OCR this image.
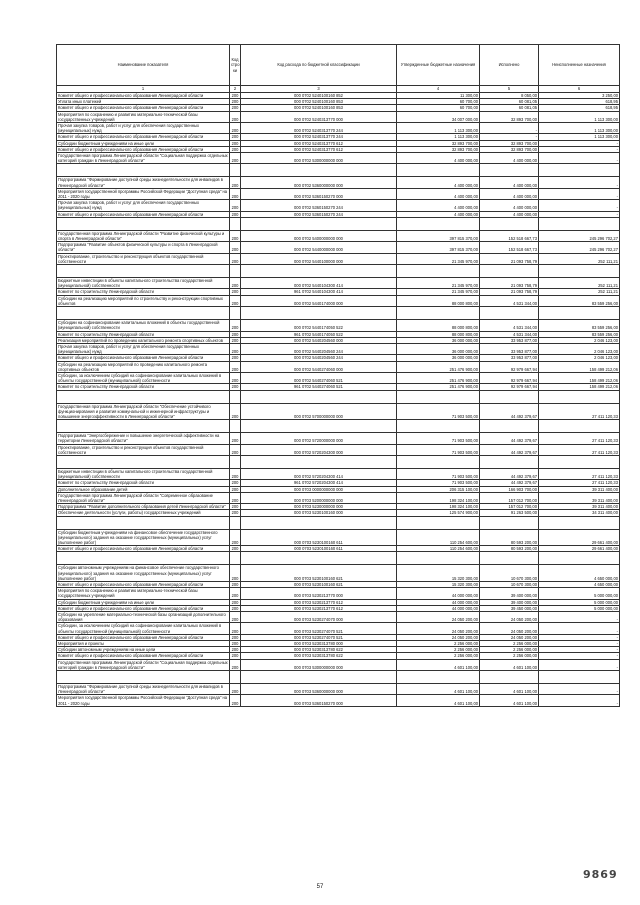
Наименование показателя	Код стро ки	Код расхода по бюджетной классификации	Утвержденные бюджетные назначения	Исполнено	Неисполненные назначения
1	2	3	4	5	6
Комитет общего и профессионального образования Ленинградской области	200	000 0702 5240100160 852	11 300,00	8 050,00	3 250,00
Уплата иных платежей	200	000 0702 5240100160 853	60 700,00	60 081,05	618,95
Комитет общего и профессионального образования Ленинградской области	200	000 0702 5240100160 853	60 700,00	60 081,05	618,95
Мероприятия по сохранению и развитию материально-технической базы государственных учреждений	200	000 0702 5240313770 000	34 007 000,00	32 893 700,00	1 113 300,00
Прочая закупка товаров, работ и услуг для обеспечения государственных (муниципальных) нужд	200	000 0702 5240313770 244	1 113 300,00	-	1 113 300,00
Комитет общего и профессионального образования Ленинградской области	200	000 0702 5240313770 244	1 113 300,00	-	1 113 300,00
Субсидии бюджетным учреждениям на иные цели	200	000 0702 5240313770 612	32 893 700,00	32 893 700,00	-
Комитет общего и профессионального образования Ленинградской области	200	000 0702 5240313770 612	32 893 700,00	32 893 700,00	-
Государственная программа Ленинградской области "Социальная поддержка отдельных категорий граждан в Ленинградской области"	200	000 0702 5300000000 000	4 400 000,00	4 400 000,00	-

Подпрограмма "Формирование доступной среды жизнедеятельности для инвалидов в Ленинградской области"	200	000 0702 5360000000 000	4 400 000,00	4 400 000,00	-
Мероприятия государственной программы Российской Федерации "Доступная среда" на 2011 - 2020 годы	200	000 0702 5360150270 000	4 400 000,00	4 400 000,00	-
Прочая закупка товаров, работ и услуг для обеспечения государственных (муниципальных) нужд	200	000 0702 5360150270 244	4 400 000,00	4 400 000,00	-
Комитет общего и профессионального образования Ленинградской области	200	000 0702 5360150270 244	4 400 000,00	4 400 000,00	-

Государственная программа Ленинградской области "Развитие физической культуры и спорта в Ленинградской области"	200	000 0702 5400000000 000	397 815 370,00	152 518 667,73	245 296 702,27
Подпрограмма "Развитие объектов физической культуры и спорта в Ленинградской области"	200	000 0702 5440000000 000	397 815 370,00	152 518 667,73	245 296 702,27
Проектирование, строительство и реконструкция объектов государственной собственности	200	000 0702 5440100000 000	21 345 970,00	21 093 758,79	252 111,21

Бюджетные инвестиции в объекты капитального строительства государственной (муниципальной) собственности	200	000 0702 5440104300 414	21 345 970,00	21 093 758,79	252 111,21
Комитет по строительству Ленинградской области	200	961 0702 5440104300 414	21 345 970,00	21 093 758,79	252 111,21
Субсидии на реализацию мероприятий по строительству и реконструкции спортивных объектов	200	000 0702 5440174000 000	88 000 800,00	4 531 344,00	83 559 256,00

Субсидии на софинансирование капитальных вложений в объекты государственной (муниципальной) собственности	200	000 0702 5440174050 522	88 000 800,00	4 531 344,00	83 559 256,00
Комитет по строительству Ленинградской области	200	961 0702 5440174050 522	88 000 800,00	4 531 344,00	83 559 256,00
Реализация мероприятий по проведению капитального ремонта спортивных объектов	200	000 0702 5440204560 000	36 000 000,00	33 953 877,00	2 046 123,00
Прочая закупка товаров, работ и услуг для обеспечения государственных (муниципальных) нужд	200	000 0702 5440204560 244	36 000 000,00	33 953 877,00	2 046 123,00
Комитет общего и профессионального образования Ленинградской области	200	000 0702 5440204560 244	36 000 000,00	33 953 877,00	2 046 123,00
Субсидии на реализацию мероприятий по проведению капитального ремонта спортивных объектов	200	000 0702 5440274060 000	251 476 900,00	92 979 667,94	158 499 212,06
Субсидии, за исключением субсидий на софинансирование капитальных вложений в объекты государственной (муниципальной) собственности	200	000 0702 5440274060 521	251 476 900,00	92 979 667,94	158 499 212,06
Комитет по строительству Ленинградской области	200	961 0702 5440274060 521	251 476 900,00	92 979 667,94	158 499 212,06

Государственная программа Ленинградской области "Обеспечение устойчивого функционирования и развития коммунальной и инженерной инфраструктуры и повышение энергоэффективности в Ленинградской области"	200	000 0702 5700000000 000	71 903 500,00	44 492 379,67	27 411 120,33

Подпрограмма "Энергосбережение и повышение энергетической эффективности на территории Ленинградской области"	200	000 0702 5720000000 000	71 903 500,00	44 492 379,67	27 411 120,33
Проектирование, строительство и реконструкция объектов государственной собственности	200	000 0702 5720204300 000	71 903 500,00	44 492 379,67	27 411 120,33

Бюджетные инвестиции в объекты капитального строительства государственной (муниципальной) собственности	200	000 0702 5720204300 414	71 903 500,00	44 492 379,67	27 411 120,33
Комитет по строительству Ленинградской области	200	961 0702 5720204300 414	71 903 500,00	44 492 379,67	27 411 120,33
Дополнительное образование детей	200	000 0703 0000000000 000	206 315 100,00	166 903 700,00	39 311 400,00
Государственная программа Ленинградской области "Современное образование Ленинградской области"	200	000 0703 5200000000 000	198 324 100,00	157 012 700,00	39 311 400,00
Подпрограмма "Развитие дополнительного образования детей Ленинградской области"	200	000 0703 5230000000 000	198 324 100,00	157 012 700,00	39 311 400,00
Обеспечение деятельности (услуги, работы) государственных учреждений	200	000 0703 5230100160 000	125 574 900,00	91 263 500,00	34 311 400,00

Субсидии бюджетным учреждениям на финансовое обеспечение государственного (муниципального) задания на оказание государственных (муниципальных) услуг (выполнение работ)	200	000 0703 5230100160 611	110 254 600,00	80 593 200,00	29 661 400,00
Комитет общего и профессионального образования Ленинградской области	200	000 0703 5230100160 611	110 254 600,00	80 593 200,00	29 661 400,00

Субсидии автономным учреждениям на финансовое обеспечение государственного (муниципального) задания на оказание государственных (муниципальных) услуг (выполнение работ)	200	000 0703 5230100160 621	15 320 300,00	10 670 300,00	4 650 000,00
Комитет общего и профессионального образования Ленинградской области	200	000 0703 5230100160 621	15 320 300,00	10 670 300,00	4 650 000,00
Мероприятия по сохранению и развитию материально-технической базы государственных учреждений	200	000 0703 5230213770 000	44 000 000,00	39 400 000,00	5 000 000,00
Субсидии бюджетным учреждениям на иные цели	200	000 0703 5230213770 612	44 000 000,00	39 400 000,00	5 000 000,00
Комитет общего и профессионального образования Ленинградской области	200	000 0703 5230213770 612	44 000 000,00	39 450 000,00	5 000 000,00
Субсидии на укрепление материально-технической базы организаций дополнительного образования	200	000 0703 5230274070 000	24 050 200,00	24 050 200,00	-
Субсидии, за исключением субсидий на софинансирование капитальных вложений в объекты государственной (муниципальной) собственности	200	000 0703 5230274070 521	24 050 200,00	24 050 200,00	-
Комитет общего и профессионального образования Ленинградской области	200	000 0703 5230274070 521	24 050 200,00	24 050 200,00	-
Мероприятия и проекты	200	000 0703 5230313780 000	2 256 000,00	2 256 000,00	-
Субсидии автономным учреждениям на иные цели	200	000 0703 5230313780 622	2 256 000,00	2 256 000,00	-
Комитет общего и профессионального образования Ленинградской области	200	000 0703 5230313780 622	2 256 000,00	2 256 000,00	-
Государственная программа Ленинградской области "Социальная поддержка отдельных категорий граждан в Ленинградской области"	200	000 0703 5300000000 000	4 601 100,00	4 601 100,00	-

Подпрограмма "Формирование доступной среды жизнедеятельности для инвалидов в Ленинградской области"	200	000 0703 5360000000 000	4 601 100,00	4 601 100,00	-
Мероприятия государственной программы Российской Федерации "Доступная среда" на 2011 - 2020 годы	200	000 0703 5360150270 000	4 601 100,00	4 601 100,00	-
57
9869
